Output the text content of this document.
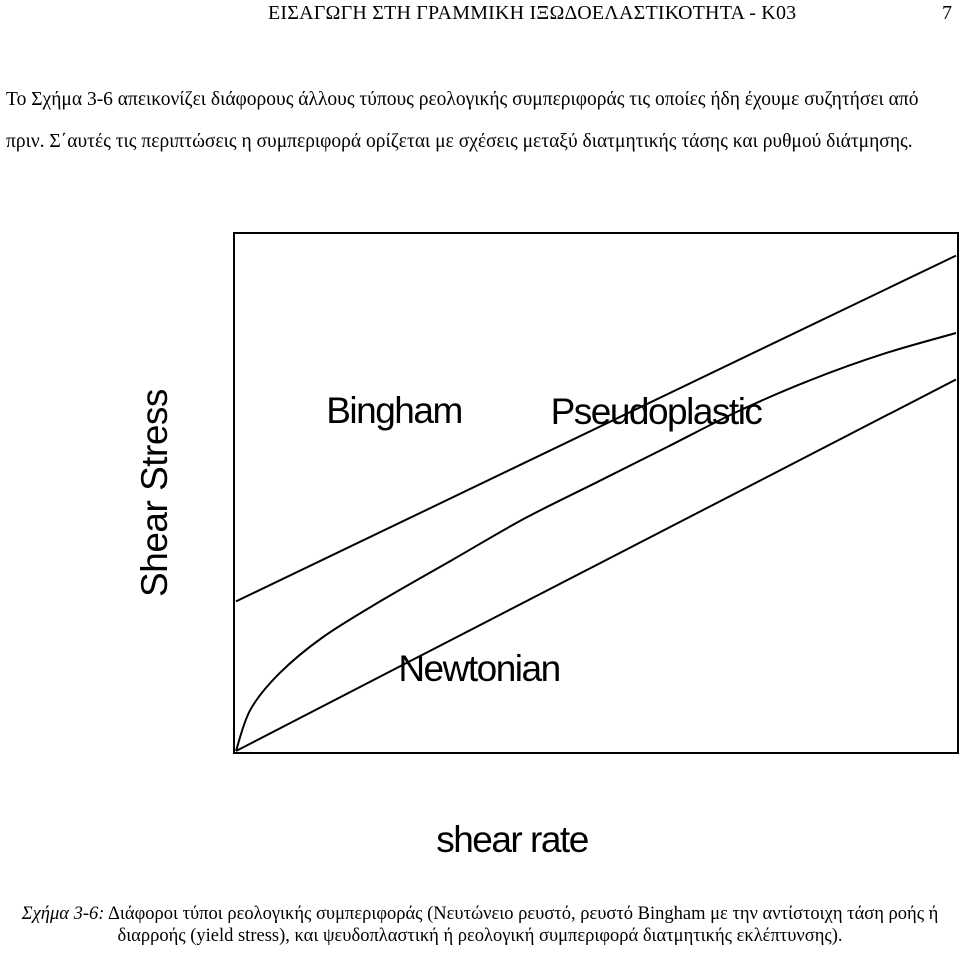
ΕΙΣΑΓΩΓΗ ΣΤΗ ΓΡΑΜΜΙΚΗ ΙΞΩΔΟΕΛΑΣΤΙΚΟΤΗΤΑ - Κ03	7

Το Σχήμα 3-6 απεικονίζει διάφορους άλλους τύπους ρεολογικής συμπεριφοράς τις οποίες ήδη έχουμε συζητήσει από πριν. Σ΄αυτές τις περιπτώσεις η συμπεριφορά ορίζεται με σχέσεις μεταξύ διατμητικής τάσης και ρυθμού διάτμησης.

Bingham Pseudoplastic
Newtonian
Shear Stress
shear rate

Σχήμα 3-6: Διάφοροι τύποι ρεολογικής συμπεριφοράς (Νευτώνειο ρευστό, ρευστό Bingham με την αντίστοιχη τάση ροής ή διαρροής (yield stress), και ψευδοπλαστική ή ρεολογική συμπεριφορά διατμητικής εκλέπτυνσης).
